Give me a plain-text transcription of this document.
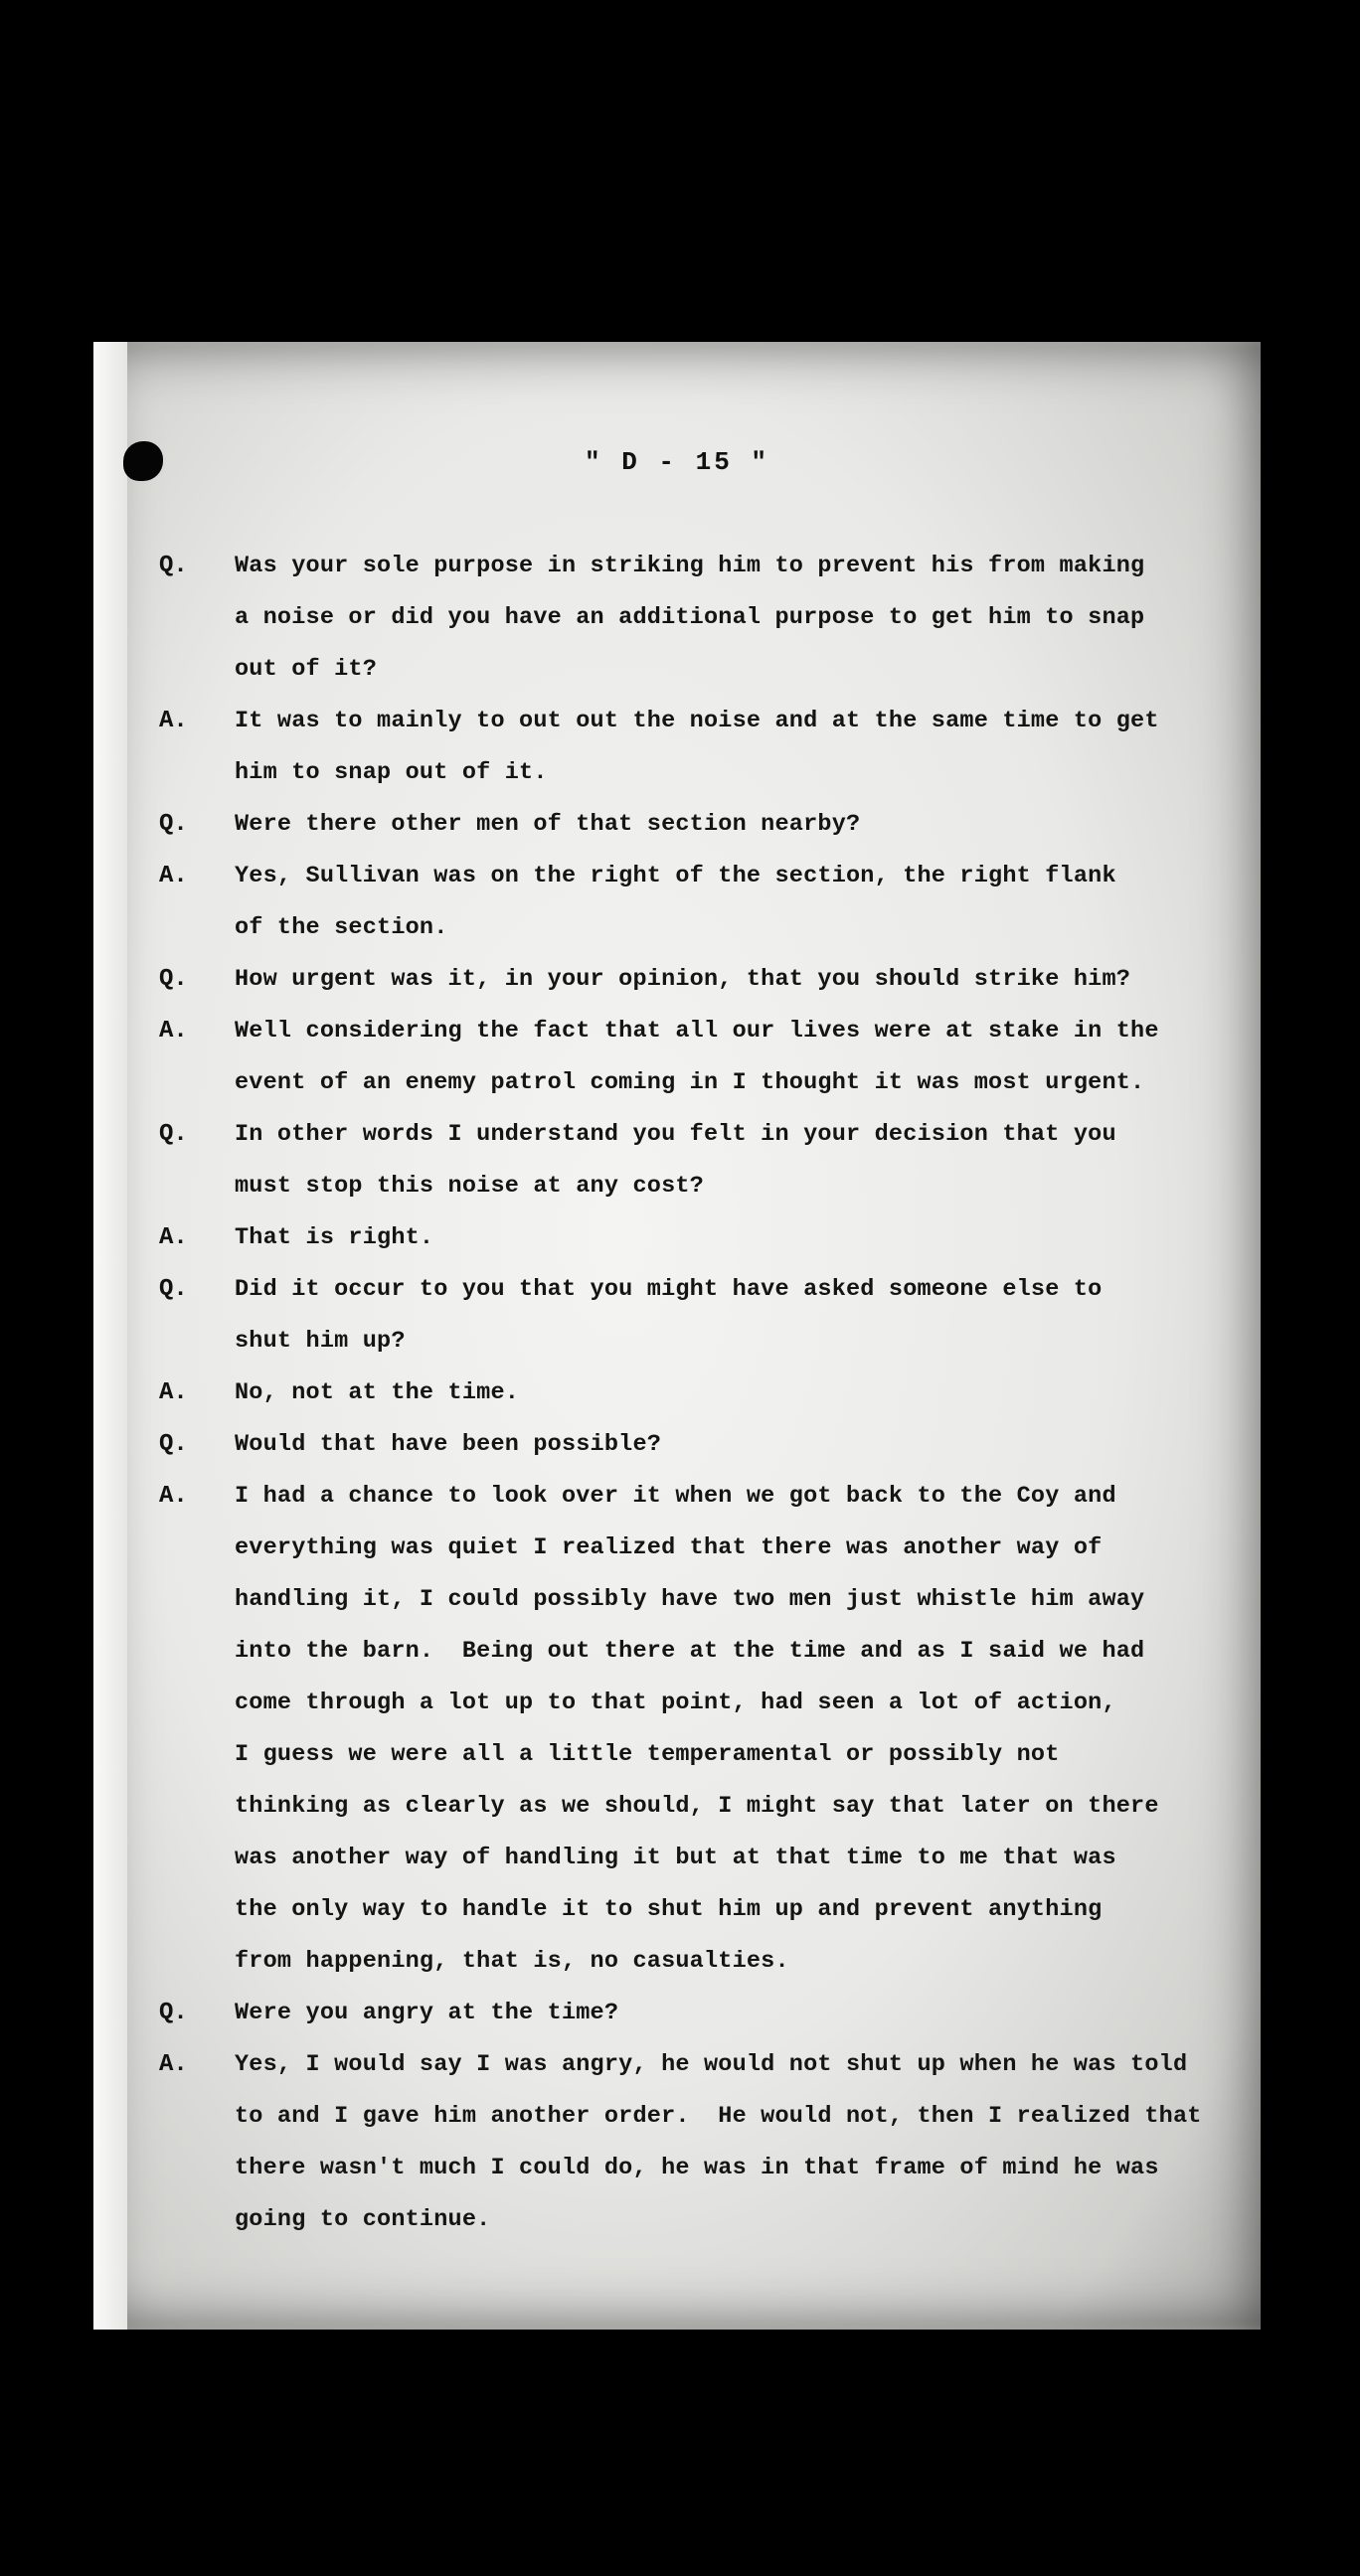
" D - 15 "
Q.	Was your sole purpose in striking him to prevent his from making
a noise or did you have an additional purpose to get him to snap
out of it?
A.	It was to mainly to out out the noise and at the same time to get
him to snap out of it.
Q.	Were there other men of that section nearby?
A.	Yes, Sullivan was on the right of the section, the right flank
of the section.
Q.	How urgent was it, in your opinion, that you should strike him?
A.	Well considering the fact that all our lives were at stake in the
event of an enemy patrol coming in I thought it was most urgent.
Q.	In other words I understand you felt in your decision that you
must stop this noise at any cost?
A.	That is right.
Q.	Did it occur to you that you might have asked someone else to
shut him up?
A.	No, not at the time.
Q.	Would that have been possible?
A.	I had a chance to look over it when we got back to the Coy and
everything was quiet I realized that there was another way of
handling it, I could possibly have two men just whistle him away
into the barn.  Being out there at the time and as I said we had
come through a lot up to that point, had seen a lot of action,
I guess we were all a little temperamental or possibly not
thinking as clearly as we should, I might say that later on there
was another way of handling it but at that time to me that was
the only way to handle it to shut him up and prevent anything
from happening, that is, no casualties.
Q.	Were you angry at the time?
A.	Yes, I would say I was angry, he would not shut up when he was told
to and I gave him another order.  He would not, then I realized that
there wasn't much I could do, he was in that frame of mind he was
going to continue.
